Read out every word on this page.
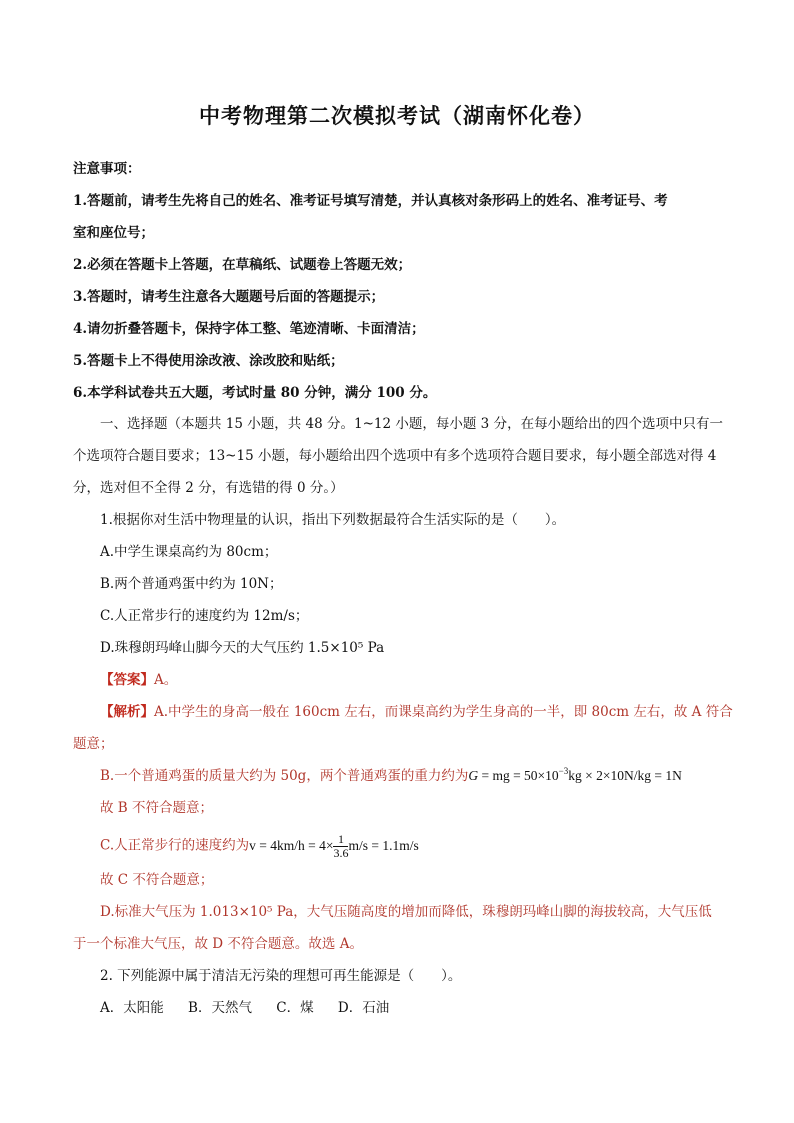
中考物理第二次模拟考试（湖南怀化卷）
注意事项：
1.答题前，请考生先将自己的姓名、准考证号填写清楚，并认真核对条形码上的姓名、准考证号、考
室和座位号；
2.必须在答题卡上答题，在草稿纸、试题卷上答题无效；
3.答题时，请考生注意各大题题号后面的答题提示；
4.请勿折叠答题卡，保持字体工整、笔迹清晰、卡面清洁；
5.答题卡上不得使用涂改液、涂改胶和贴纸；
6.本学科试卷共五大题，考试时量 80 分钟，满分 100 分。
一、选择题（本题共 15 小题，共 48 分。1~12 小题，每小题 3 分，在每小题给出的四个选项中只有一
个选项符合题目要求；13~15 小题，每小题给出四个选项中有多个选项符合题目要求，每小题全部选对得 4
分，选对但不全得 2 分，有选错的得 0 分。）
1.根据你对生活中物理量的认识，指出下列数据最符合生活实际的是（　　）。
A.中学生课桌高约为 80cm；
B.两个普通鸡蛋中约为 10N；
C.人正常步行的速度约为 12m/s；
D.珠穆朗玛峰山脚今天的大气压约 1.5×10⁵ Pa
【答案】A。
【解析】A.中学生的身高一般在 160cm 左右，而课桌高约为学生身高的一半，即 80cm 左右，故 A 符合
题意；
B.一个普通鸡蛋的质量大约为 50g，两个普通鸡蛋的重力约为G = mg = $50\times 10^{-3}kg \times 2\times 10N/kg = 1N$
故 B 不符合题意；
C.人正常步行的速度约为$v = 4km/h = 4\times \frac{1}{3.6} m/s = 1.1m/s$
故 C 不符合题意；
D.标准大气压为 1.013×10⁵ Pa，大气压随高度的增加而降低，珠穆朗玛峰山脚的海拔较高，大气压低
于一个标准大气压，故 D 不符合题意。故选 A。
2. 下列能源中属于清洁无污染的理想可再生能源是（　　）。
A．太阳能 B．天然气 C．煤 D．石油
